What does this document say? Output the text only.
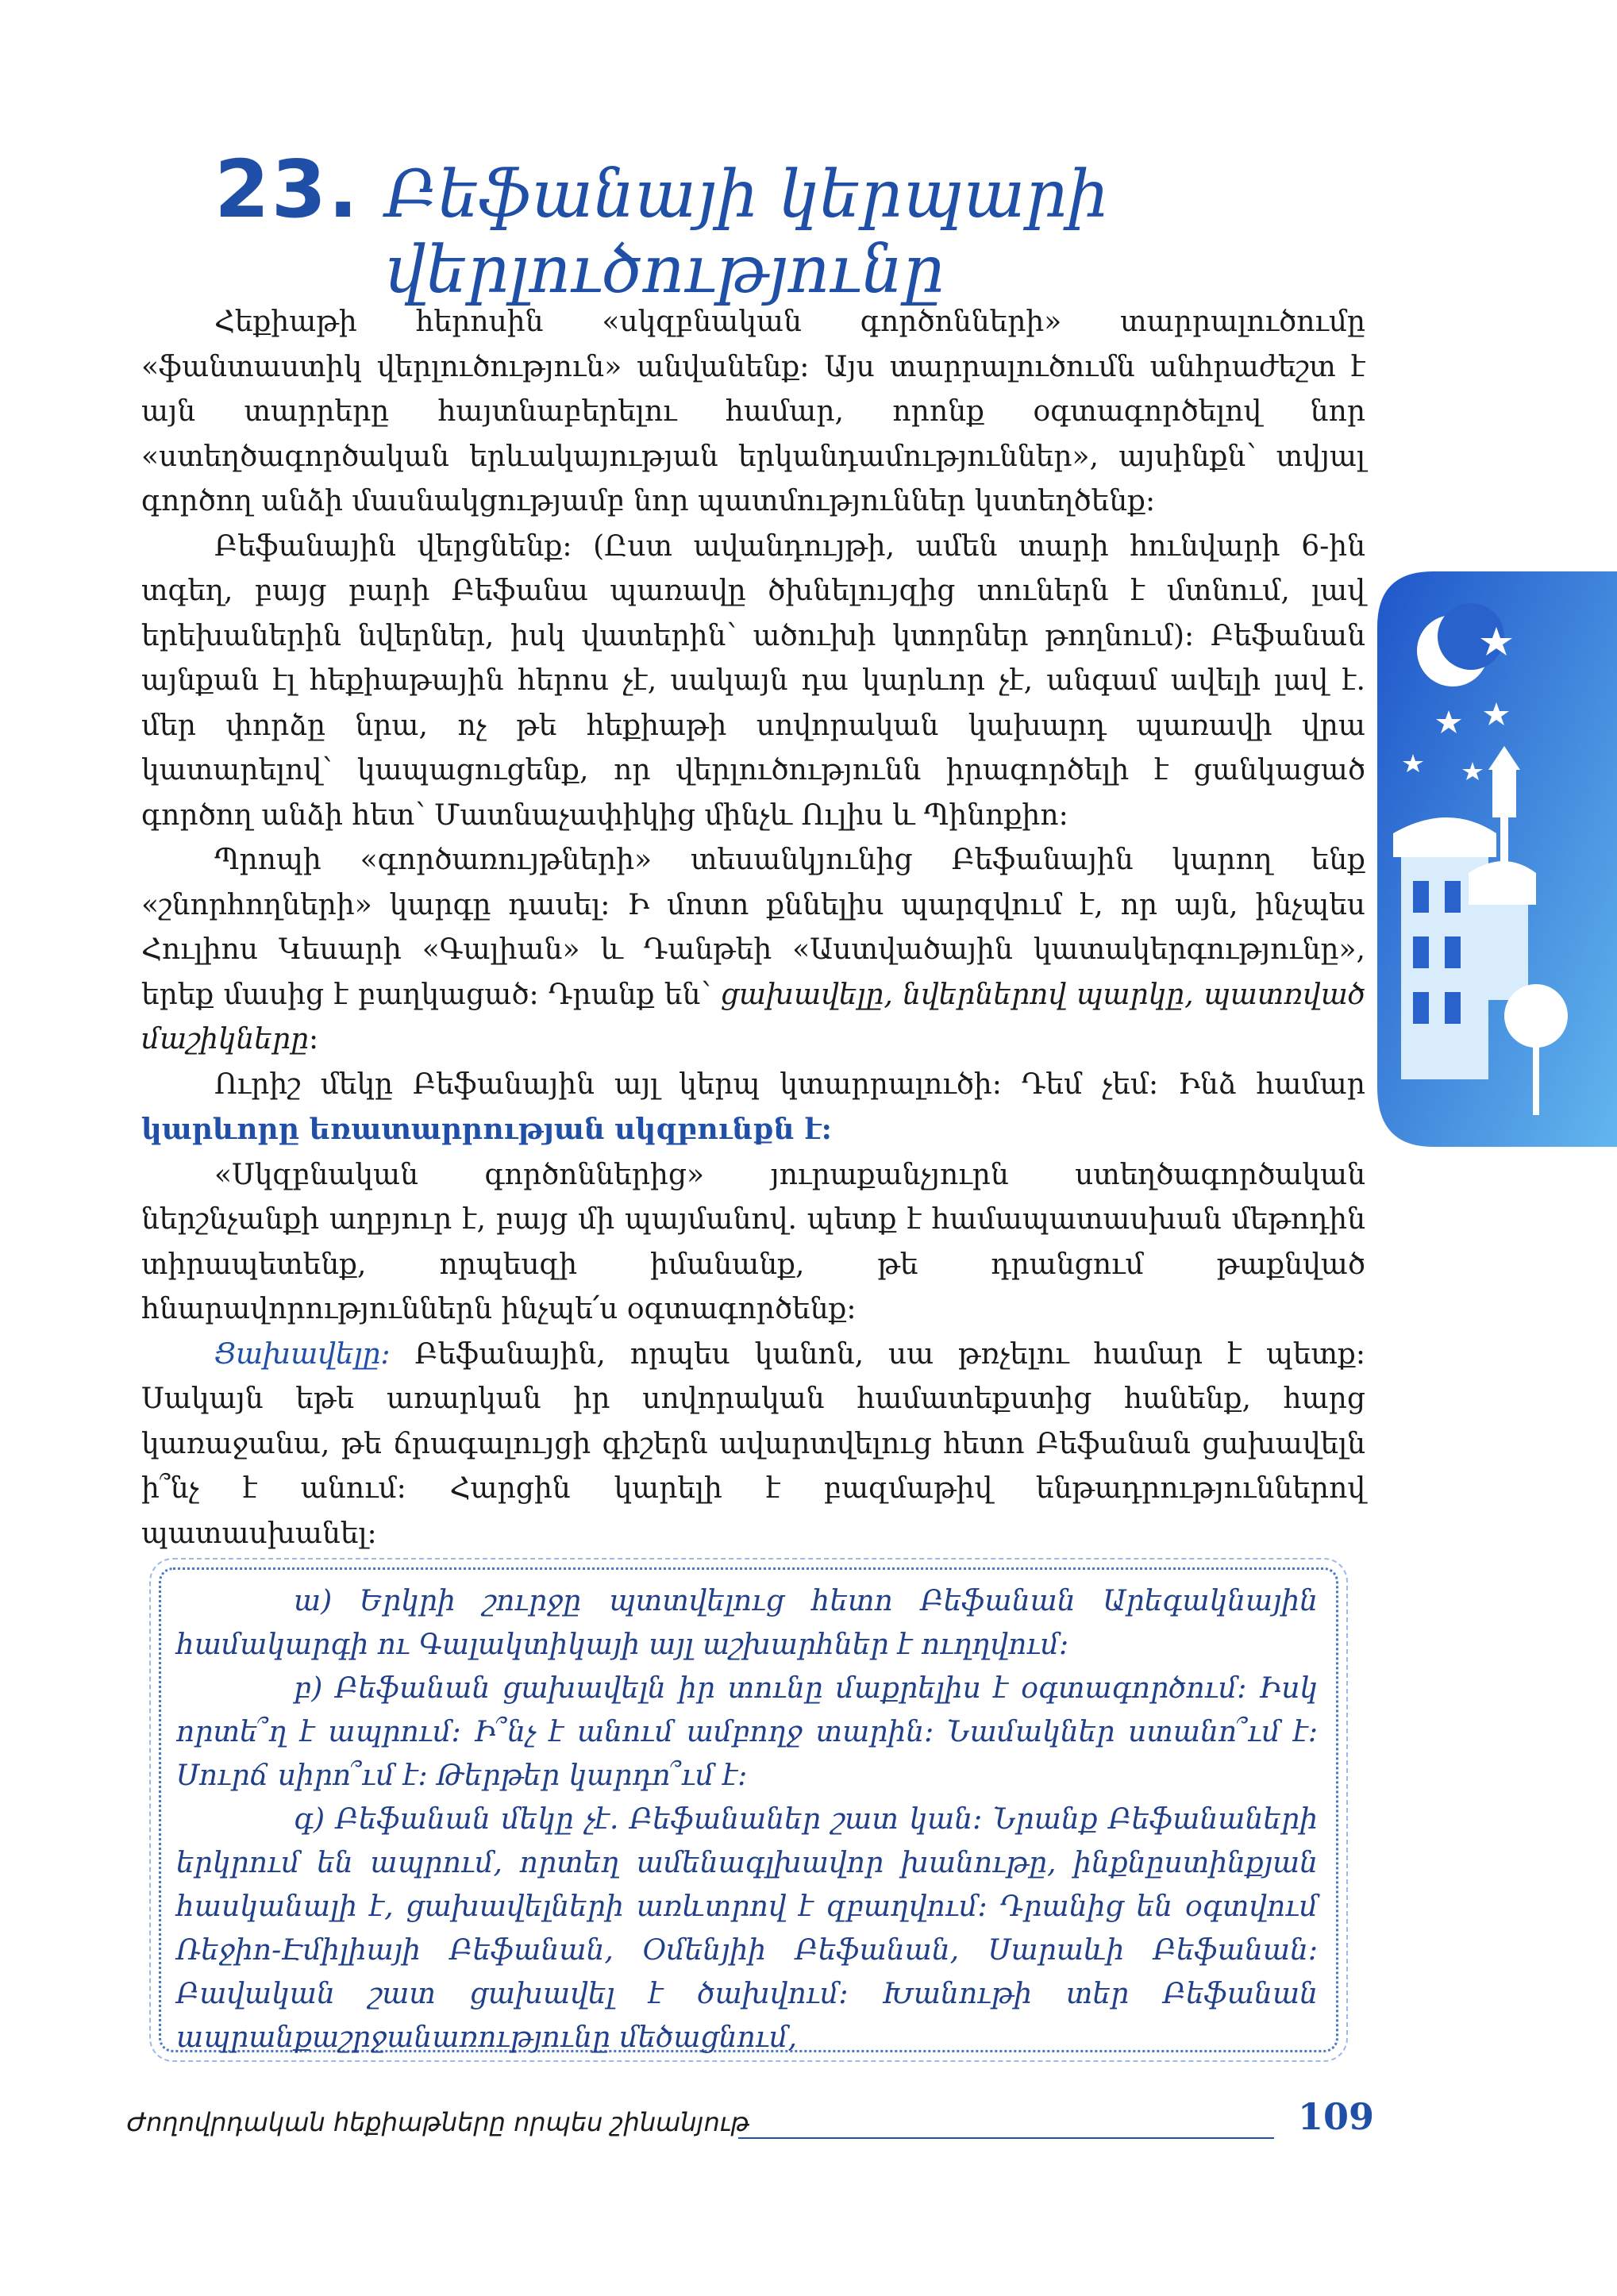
23. Բեֆանայի կերպարի վերլուծությունը

Հեքիաթի հերոսին «սկզբնական գործոնների» տարրալուծումը «ֆանտաստիկ վերլուծություն» անվանենք: Այս տարրալուծումն անհրաժեշտ է այն տարրերը հայտնաբերելու համար, որոնք օգտագործելով նոր «ստեղծագործական երևակայության երկանդամություններ», այսինքն՝ տվյալ գործող անձի մասնակցությամբ նոր պատմություններ կստեղծենք:

Բեֆանային վերցնենք: (Ըստ ավանդույթի, ամեն տարի հունվարի 6-ին տգեղ, բայց բարի Բեֆանա պառավը ծխնելույզից տուներն է մտնում, լավ երեխաներին նվերներ, իսկ վատերին՝ ածուխի կտորներ թողնում): Բեֆանան այնքան էլ հեքիաթային հերոս չէ, սակայն դա կարևոր չէ, անգամ ավելի լավ է. մեր փորձը նրա, ոչ թե հեքիաթի սովորական կախարդ պառավի վրա կատարելով՝ կապացուցենք, որ վերլուծությունն իրագործելի է ցանկացած գործող անձի հետ՝ Մատնաչափիկից մինչև Ուլիս և Պինոքիո:

Պրոպի «գործառույթների» տեսանկյունից Բեֆանային կարող ենք «շնորհողների» կարգը դասել: Ի մոտո քննելիս պարզվում է, որ այն, ինչպես Հուլիոս Կեսարի «Գալիան» և Դանթեի «Աստվածային կատակերգությունը», երեք մասից է բաղկացած: Դրանք են՝ ցախավելը, նվերներով պարկը, պատռված մաշիկները:

Ուրիշ մեկը Բեֆանային այլ կերպ կտարրալուծի: Դեմ չեմ: Ինձ համար կարևորը եռատարրության սկզբունքն է:

«Սկզբնական գործոններից» յուրաքանչյուրն ստեղծագործական ներշնչանքի աղբյուր է, բայց մի պայմանով. պետք է համապատասխան մեթոդին տիրապետենք, որպեսզի իմանանք, թե դրանցում թաքնված հնարավորություններն ինչպե՛ս օգտագործենք:

Ցախավելը: Բեֆանային, որպես կանոն, սա թռչելու համար է պետք: Սակայն եթե առարկան իր սովորական համատեքստից հանենք, հարց կառաջանա, թե ճրագալույցի գիշերն ավարտվելուց հետո Բեֆանան ցախավելն ի՞նչ է անում: Հարցին կարելի է բազմաթիվ ենթադրություններով պատասխանել:

ա) Երկրի շուրջը պտտվելուց հետո Բեֆանան Արեգակնային համակարգի ու Գալակտիկայի այլ աշխարհներ է ուղղվում:

բ) Բեֆանան ցախավելն իր տունը մաքրելիս է օգտագործում: Իսկ որտե՞ղ է ապրում: Ի՞նչ է անում ամբողջ տարին: Նամակներ ստանո՞ւմ է: Սուրճ սիրո՞ւմ է: Թերթեր կարդո՞ւմ է:

գ) Բեֆանան մեկը չէ. Բեֆանաներ շատ կան: Նրանք Բեֆանաների երկրում են ապրում, որտեղ ամենագլխավոր խանութը, ինքնըստինքյան հասկանալի է, ցախավելների առևտրով է զբաղվում: Դրանից են օգտվում Ռեջիո-Էմիլիայի Բեֆանան, Օմենյիի Բեֆանան, Սարաևի Բեֆանան: Բավական շատ ցախավել է ծախվում: Խանութի տեր Բեֆանան ապրանքաշրջանառությունը մեծացնում,

Ժողովրդական հեքիաթները որպես շինանյութ	109
